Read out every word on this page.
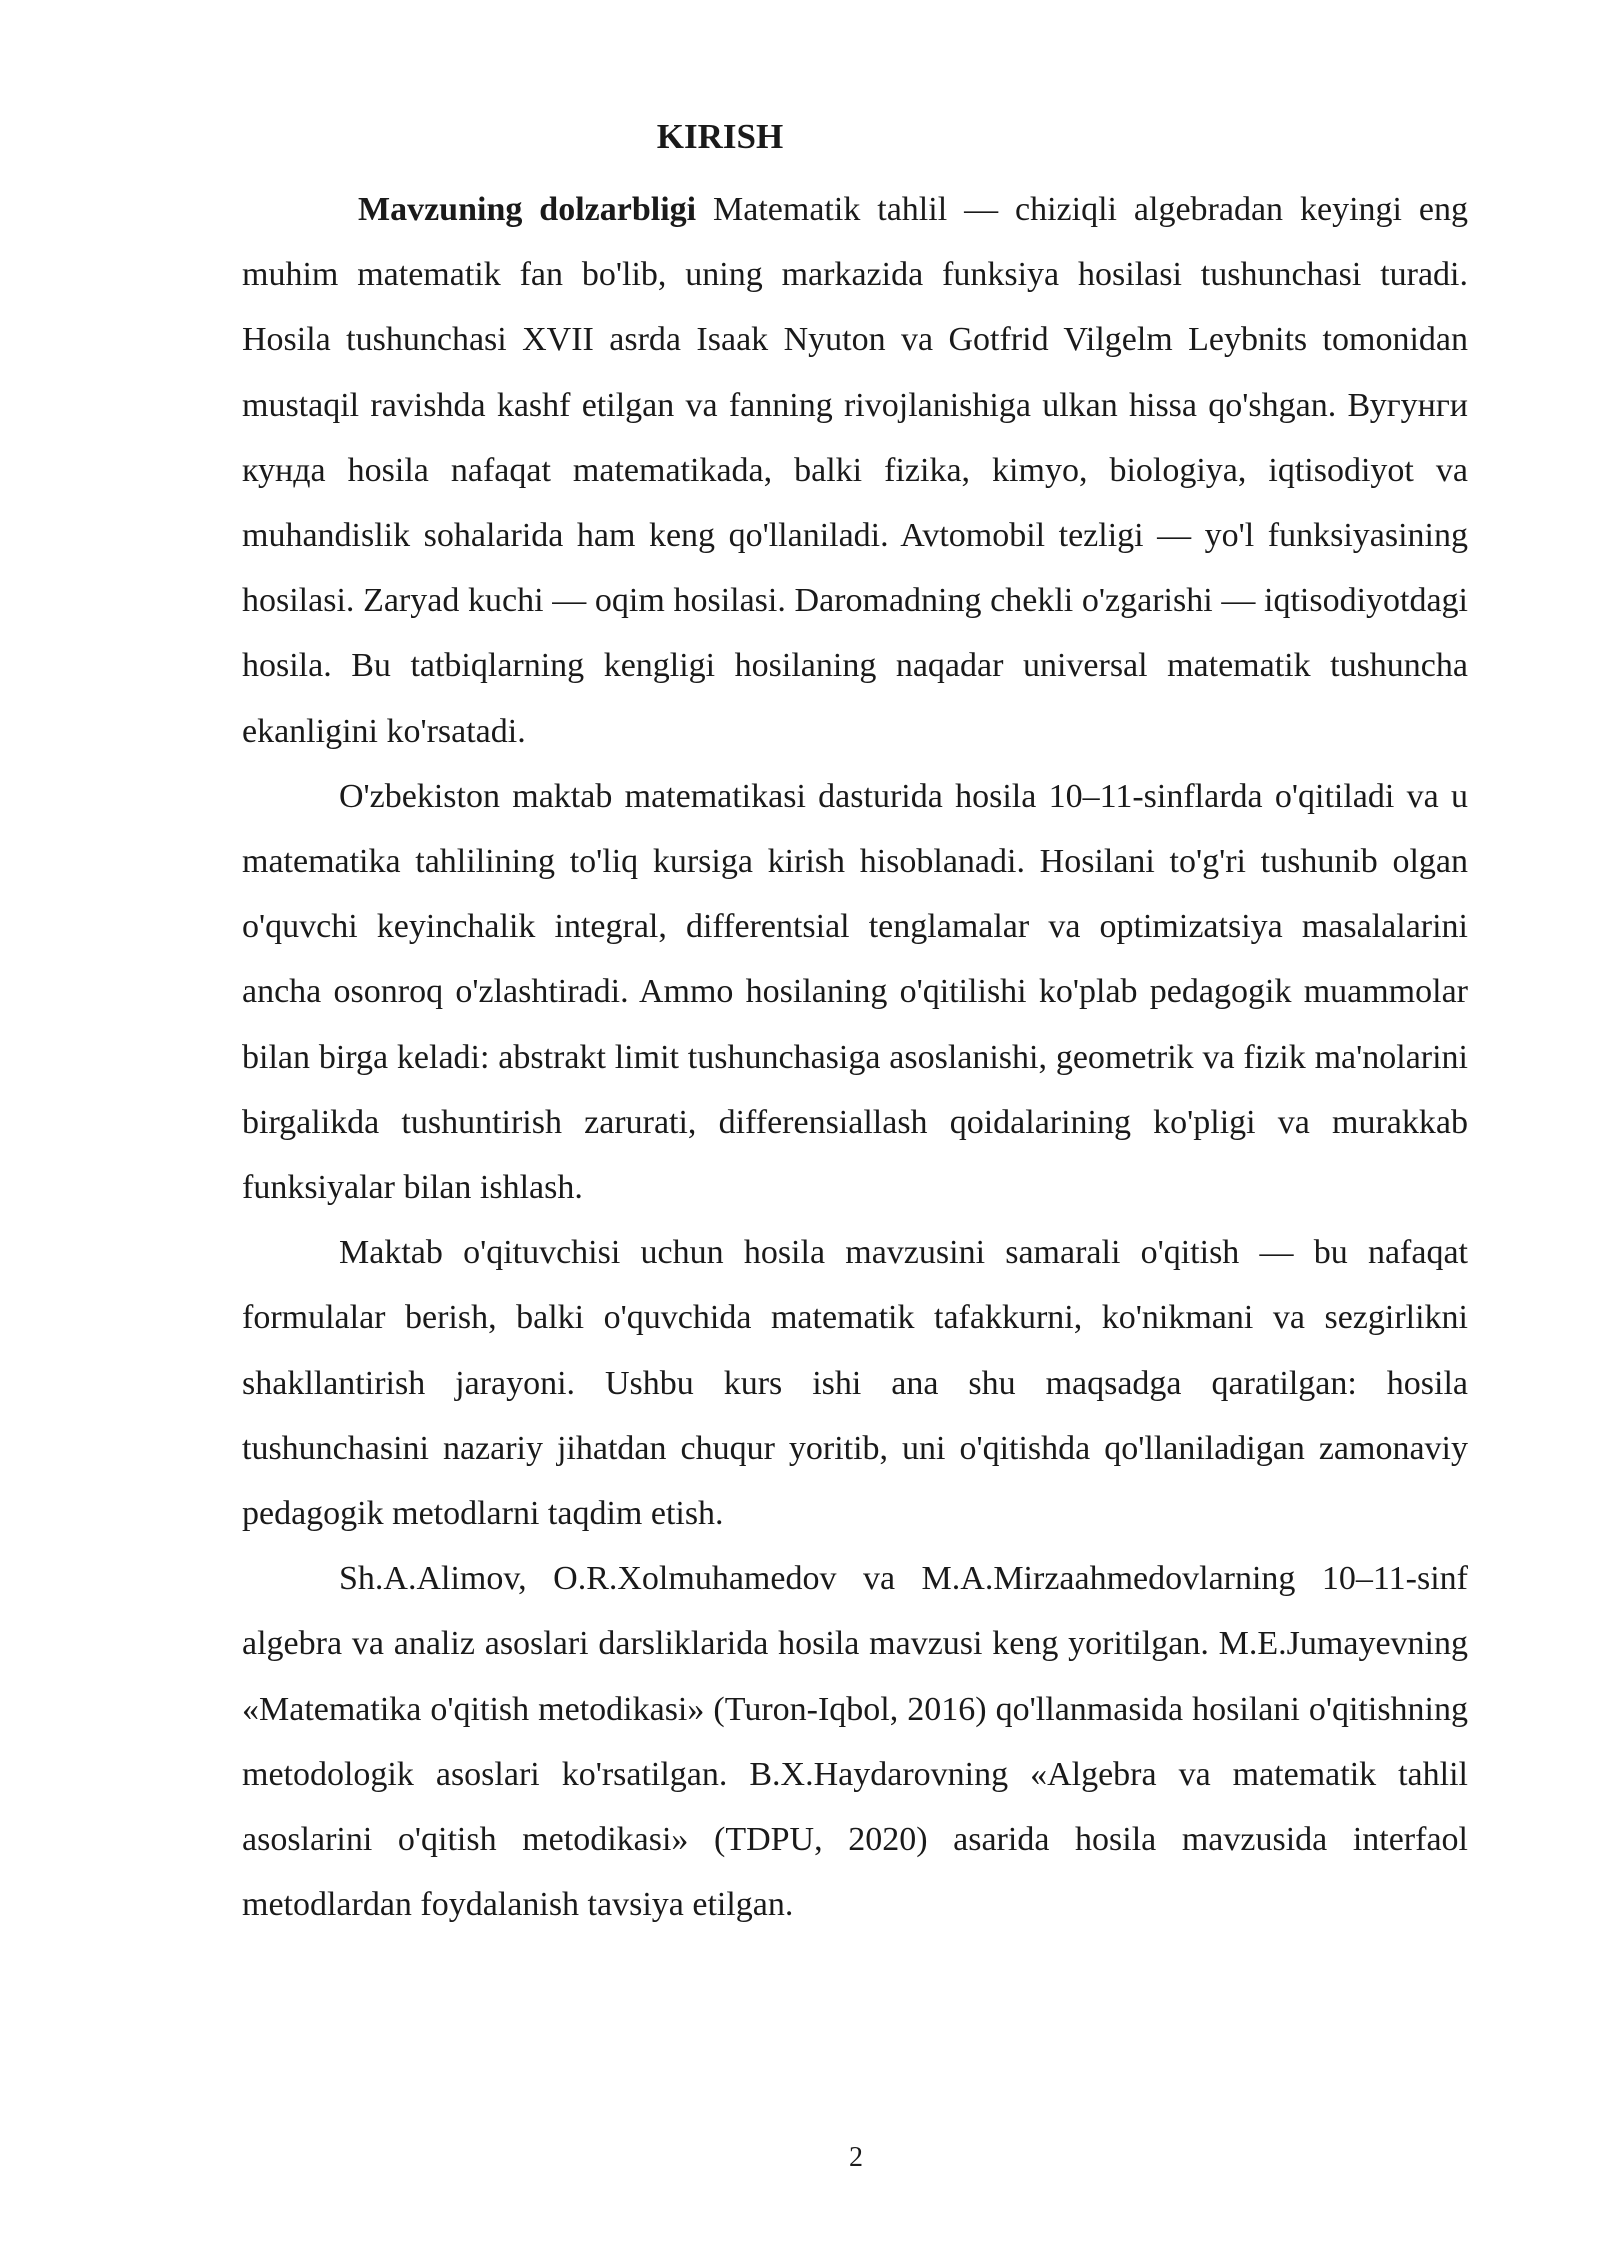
KIRISH

Mavzuning dolzarbligi Matematik tahlil — chiziqli algebradan keyingi eng muhim matematik fan bo'lib, uning markazida funksiya hosilasi tushunchasi turadi. Hosila tushunchasi XVII asrda Isaak Nyuton va Gotfrid Vilgelm Leybnits tomonidan mustaqil ravishda kashf etilgan va fanning rivojlanishiga ulkan hissa qo'shgan. Вугунги кунда hosila nafaqat matematikada, balki fizika, kimyo, biologiya, iqtisodiyot va muhandislik sohalarida ham keng qo'llaniladi. Avtomobil tezligi — yo'l funksiyasining hosilasi. Zaryad kuchi — oqim hosilasi. Daromadning chekli o'zgarishi — iqtisodiyotdagi hosila. Bu tatbiqlarning kengligi hosilaning naqadar universal matematik tushuncha ekanligini ko'rsatadi.

O'zbekiston maktab matematikasi dasturida hosila 10–11-sinflarda o'qitiladi va u matematika tahlilining to'liq kursiga kirish hisoblanadi. Hosilani to'g'ri tushunib olgan o'quvchi keyinchalik integral, differentsial tenglamalar va optimizatsiya masalalarini ancha osonroq o'zlashtiradi. Ammo hosilaning o'qitilishi ko'plab pedagogik muammolar bilan birga keladi: abstrakt limit tushunchasiga asoslanishi, geometrik va fizik ma'nolarini birgalikda tushuntirish zarurati, differensiallash qoidalarining ko'pligi va murakkab funksiyalar bilan ishlash.

Maktab o'qituvchisi uchun hosila mavzusini samarali o'qitish — bu nafaqat formulalar berish, balki o'quvchida matematik tafakkurni, ko'nikmani va sezgirlikni shakllantirish jarayoni. Ushbu kurs ishi ana shu maqsadga qaratilgan: hosila tushunchasini nazariy jihatdan chuqur yoritib, uni o'qitishda qo'llaniladigan zamonaviy pedagogik metodlarni taqdim etish.

Sh.A.Alimov, O.R.Xolmuhamedov va M.A.Mirzaahmedovlarning 10–11-sinf algebra va analiz asoslari darsliklarida hosila mavzusi keng yoritilgan. M.E.Jumayevning «Matematika o'qitish metodikasi» (Turon-Iqbol, 2016) qo'llanmasida hosilani o'qitishning metodologik asoslari ko'rsatilgan. B.X.Haydarovning «Algebra va matematik tahlil asoslarini o'qitish metodikasi» (TDPU, 2020) asarida hosila mavzusida interfaol metodlardan foydalanish tavsiya etilgan.

2
